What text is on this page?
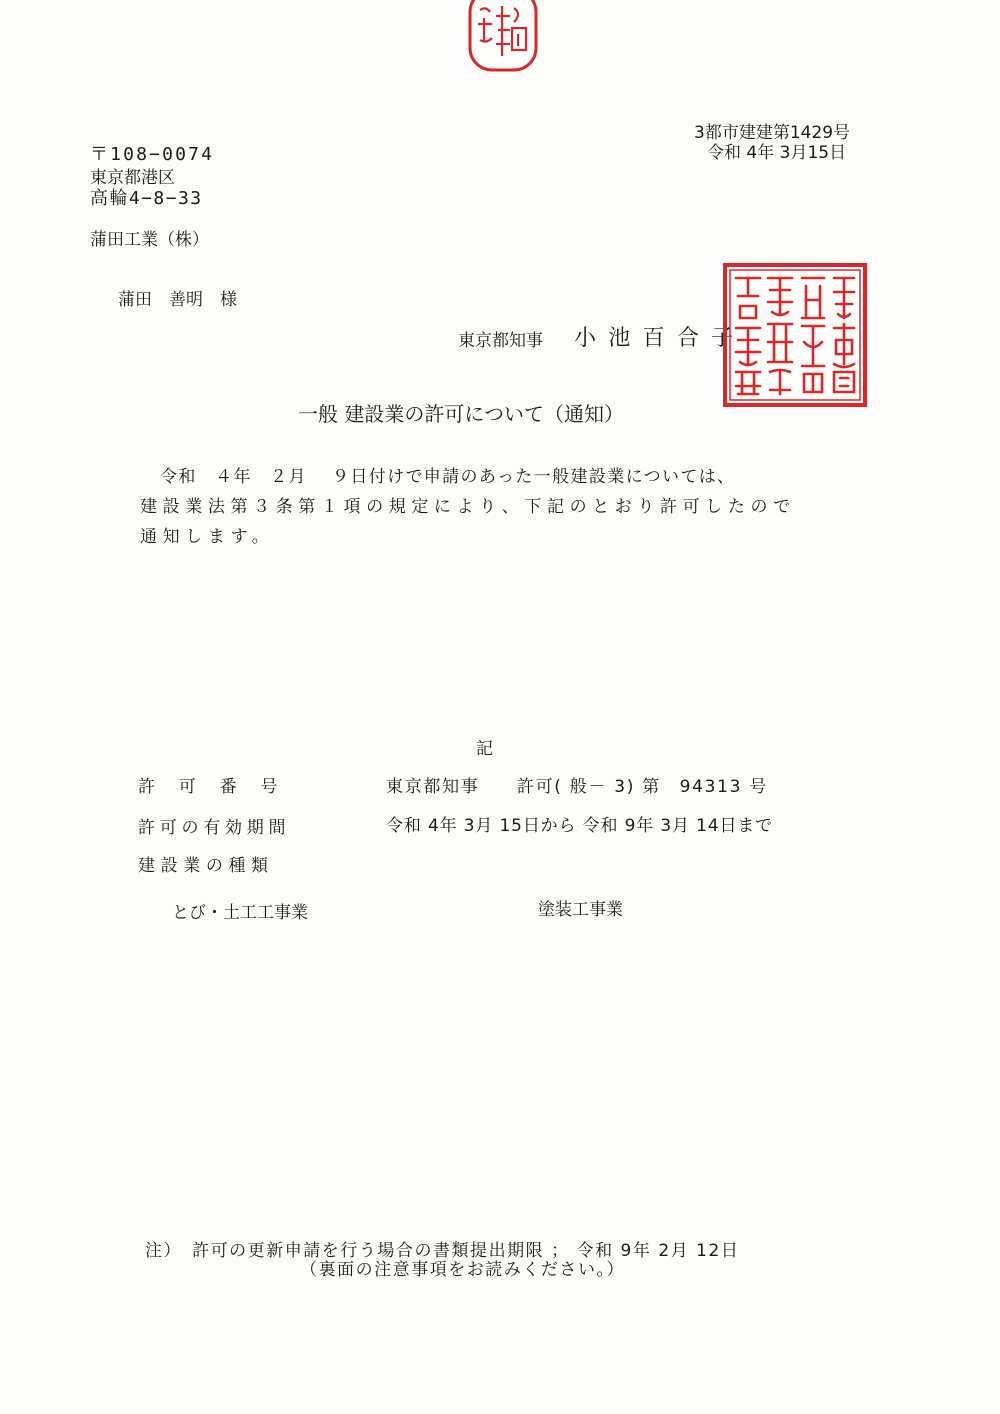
3都市建建第1429号
令和 4年 3月15日
〒108−0074
東京都港区
高輪4−8−33
蒲田工業（株）
蒲田　善明　様
東京都知事 小 池 百 合 子
一般 建設業の許可について（通知）
令和　４年　２月　 ９日付けで申請のあった一般建設業については、
建設業法第３条第１項の規定により、下記のとおり許可したので
通知します。
記
許　可　番　号	東京都知事　　許可( 般－ 3) 第　94313 号
許可の有効期間	令和 4年 3月 15日から 令和 9年 3月 14日まで
建設業の種類
とび・土工工事業	塗装工事業
注）　許可の更新申請を行う場合の書類提出期限 ； 令和 9年 2月 12日
（裏面の注意事項をお読みください。）
